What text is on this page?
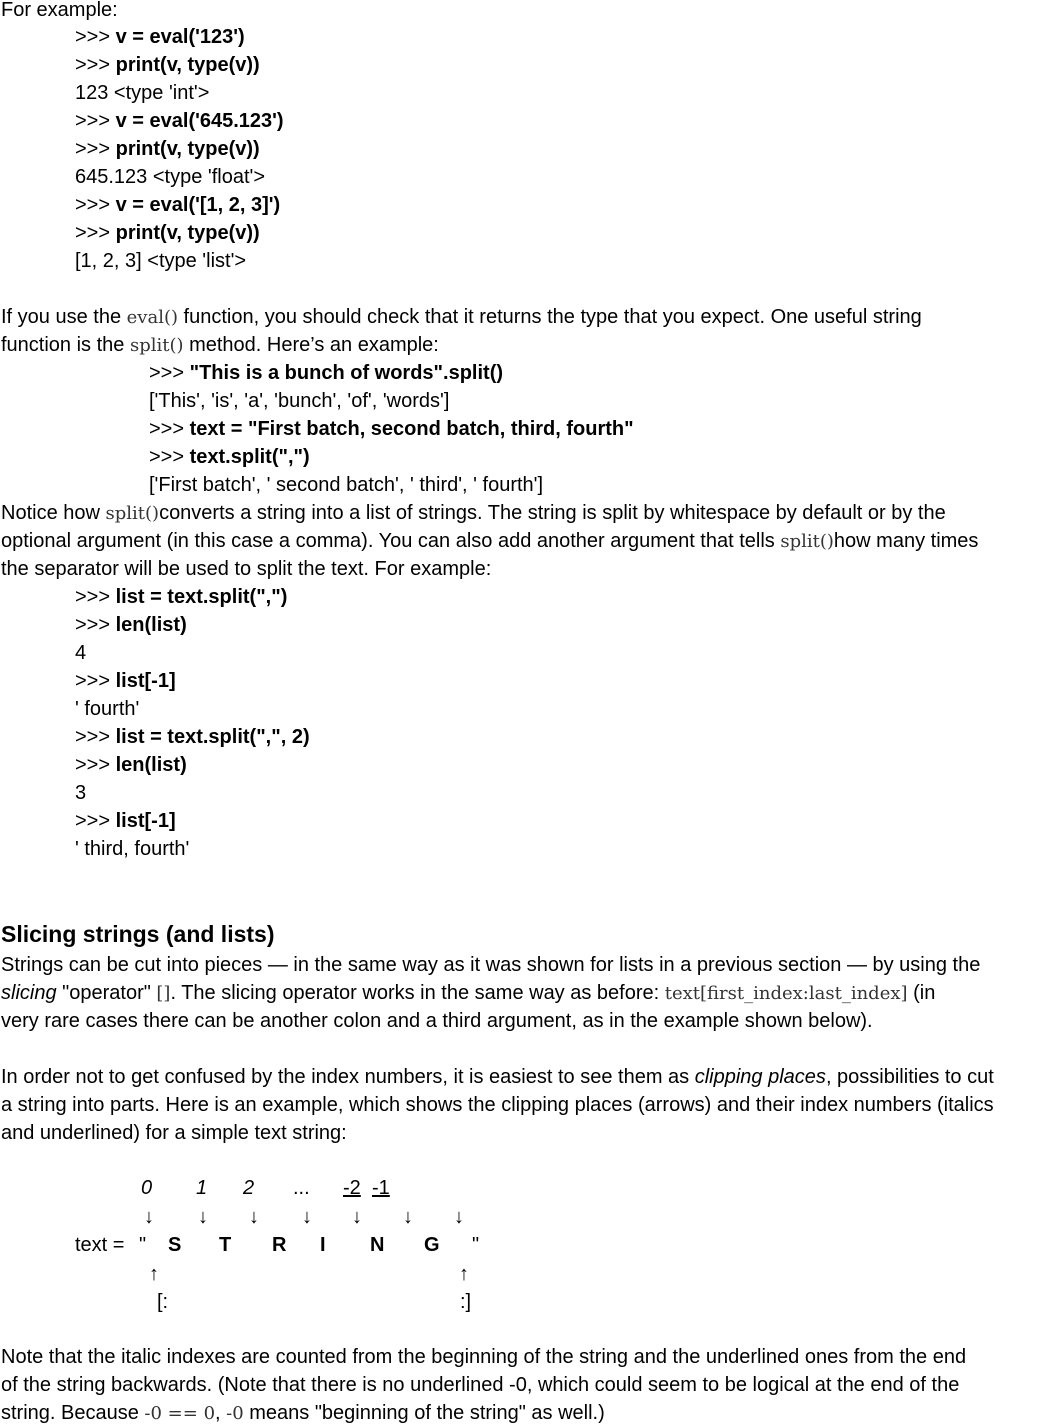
For example:
>>> v = eval('123')
>>> print(v, type(v))
123 <type 'int'>
>>> v = eval('645.123')
>>> print(v, type(v))
645.123 <type 'float'>
>>> v = eval('[1, 2, 3]')
>>> print(v, type(v))
[1, 2, 3] <type 'list'>
If you use the eval() function, you should check that it returns the type that you expect. One useful string
function is the split() method. Here’s an example:
>>> "This is a bunch of words".split()
['This', 'is', 'a', 'bunch', 'of', 'words']
>>> text = "First batch, second batch, third, fourth"
>>> text.split(",")
['First batch', ' second batch', ' third', ' fourth']
Notice how split()converts a string into a list of strings. The string is split by whitespace by default or by the
optional argument (in this case a comma). You can also add another argument that tells split()how many times
the separator will be used to split the text. For example:
>>> list = text.split(",")
>>> len(list)
4
>>> list[-1]
' fourth'
>>> list = text.split(",", 2)
>>> len(list)
3
>>> list[-1]
' third, fourth'
Slicing strings (and lists)
Strings can be cut into pieces — in the same way as it was shown for lists in a previous section — by using the
slicing "operator" []. The slicing operator works in the same way as before: text[first_index:last_index] (in
very rare cases there can be another colon and a third argument, as in the example shown below).
In order not to get confused by the index numbers, it is easiest to see them as clipping places, possibilities to cut
a string into parts. Here is an example, which shows the clipping places (arrows) and their index numbers (italics
and underlined) for a simple text string:
0 1 2 ... -2 -1
↓ ↓ ↓ ↓ ↓ ↓ ↓
text = " S T R I N G "
↑	↑
[:	:]
Note that the italic indexes are counted from the beginning of the string and the underlined ones from the end
of the string backwards. (Note that there is no underlined -0, which could seem to be logical at the end of the
string. Because -0 == 0, -0 means "beginning of the string" as well.)
